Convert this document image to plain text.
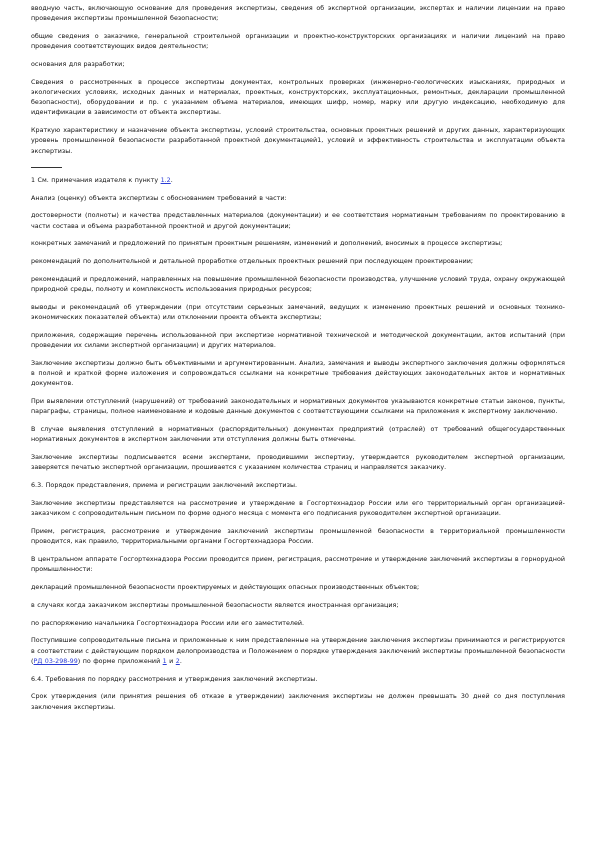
вводную часть, включающую основание для проведения экспертизы, сведения об экспертной организации, экспертах и наличии лицензии на право проведения экспертизы промышленной безопасности;

общие сведения о заказчике, генеральной строительной организации и проектно-конструкторских организациях и наличии лицензий на право проведения соответствующих видов деятельности;

основания для разработки;

Сведения о рассмотренных в процессе экспертизы документах, контрольных проверках (инженерно-геологических изысканиях, природных и экологических условиях, исходных данных и материалах, проектных, конструкторских, эксплуатационных, ремонтных, декларации промышленной безопасности), оборудовании и пр. с указанием объема материалов, имеющих шифр, номер, марку или другую индексацию, необходимую для идентификации в зависимости от объекта экспертизы.

Краткую характеристику и назначение объекта экспертизы, условий строительства, основных проектных решений и других данных, характеризующих уровень промышленной безопасности разработанной проектной документацией1, условий и эффективность строительства и эксплуатации объекта экспертизы.

1 См. примечания издателя к пункту 1.2.

Анализ (оценку) объекта экспертизы с обоснованием требований в части:

достоверности (полноты) и качества представленных материалов (документации) и ее соответствия нормативным требованиям по проектированию в части состава и объема разработанной проектной и другой документации;

конкретных замечаний и предложений по принятым проектным решениям, изменений и дополнений, вносимых в процессе экспертизы;

рекомендаций по дополнительной и детальной проработке отдельных проектных решений при последующем проектировании;

рекомендаций и предложений, направленных на повышение промышленной безопасности производства, улучшение условий труда, охрану окружающей природной среды, полноту и комплексность использования природных ресурсов;

выводы и рекомендаций об утверждении (при отсутствии серьезных замечаний, ведущих к изменению проектных решений и основных технико-экономических показателей объекта) или отклонении проекта объекта экспертизы;

приложения, содержащие перечень использованной при экспертизе нормативной технической и методической документации, актов испытаний (при проведении их силами экспертной организации) и других материалов.

Заключение экспертизы должно быть объективными и аргументированным. Анализ, замечания и выводы экспертного заключения должны оформляться в полной и краткой форме изложения и сопровождаться ссылками на конкретные требования действующих законодательных актов и нормативных документов.

При выявлении отступлений (нарушений) от требований законодательных и нормативных документов указываются конкретные статьи законов, пункты, параграфы, страницы, полное наименование и кодовые данные документов с соответствующими ссылками на приложения к экспертному заключению.

В случае выявления отступлений в нормативных (распорядительных) документах предприятий (отраслей) от требований общегосударственных нормативных документов в экспертном заключении эти отступления должны быть отмечены.

Заключение экспертизы подписывается всеми экспертами, проводившими экспертизу, утверждается руководителем экспертной организации, заверяется печатью экспертной организации, прошивается с указанием количества страниц и направляется заказчику.

6.3. Порядок представления, приема и регистрации заключений экспертизы.

Заключение экспертизы представляется на рассмотрение и утверждение в Госгортехнадзор России или его территориальный орган организацией-заказчиком с сопроводительным письмом по форме одного месяца с момента его подписания руководителем экспертной организации.

Прием, регистрация, рассмотрение и утверждение заключений экспертизы промышленной безопасности в территориальной промышленности проводится, как правило, территориальными органами Госгортехнадзора России.

В центральном аппарате Госгортехнадзора России проводится прием, регистрация, рассмотрение и утверждение заключений экспертизы в горнорудной промышленности:

деклараций промышленной безопасности проектируемых и действующих опасных производственных объектов;

в случаях когда заказчиком экспертизы промышленной безопасности является иностранная организация;

по распоряжению начальника Госгортехнадзора России или его заместителей.

Поступившие сопроводительные письма и приложенные к ним представленные на утверждение заключения экспертизы принимаются и регистрируются в соответствии с действующим порядком делопроизводства и Положением о порядке утверждения заключений экспертизы промышленной безопасности (РД 03-298-99) по форме приложений 1 и 2.

6.4. Требования по порядку рассмотрения и утверждения заключений экспертизы.

Срок утверждения (или принятия решения об отказе в утверждении) заключения экспертизы не должен превышать 30 дней со дня поступления заключения экспертизы.
